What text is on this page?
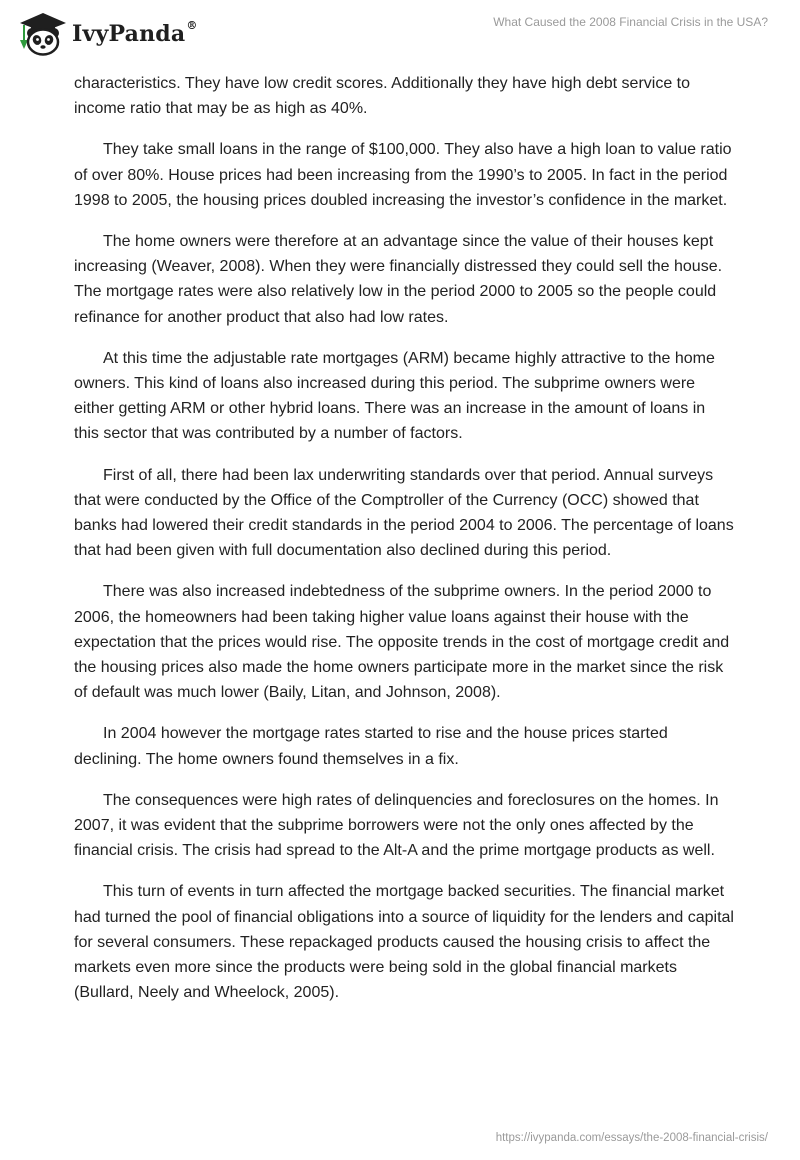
IvyPanda®	What Caused the 2008 Financial Crisis in the USA?

characteristics. They have low credit scores. Additionally they have high debt service to income ratio that may be as high as 40%.

They take small loans in the range of $100,000. They also have a high loan to value ratio of over 80%. House prices had been increasing from the 1990’s to 2005. In fact in the period 1998 to 2005, the housing prices doubled increasing the investor’s confidence in the market.

The home owners were therefore at an advantage since the value of their houses kept increasing (Weaver, 2008). When they were financially distressed they could sell the house. The mortgage rates were also relatively low in the period 2000 to 2005 so the people could refinance for another product that also had low rates.

At this time the adjustable rate mortgages (ARM) became highly attractive to the home owners. This kind of loans also increased during this period. The subprime owners were either getting ARM or other hybrid loans. There was an increase in the amount of loans in this sector that was contributed by a number of factors.

First of all, there had been lax underwriting standards over that period. Annual surveys that were conducted by the Office of the Comptroller of the Currency (OCC) showed that banks had lowered their credit standards in the period 2004 to 2006. The percentage of loans that had been given with full documentation also declined during this period.

There was also increased indebtedness of the subprime owners. In the period 2000 to 2006, the homeowners had been taking higher value loans against their house with the expectation that the prices would rise. The opposite trends in the cost of mortgage credit and the housing prices also made the home owners participate more in the market since the risk of default was much lower (Baily, Litan, and Johnson, 2008).

In 2004 however the mortgage rates started to rise and the house prices started declining. The home owners found themselves in a fix.

The consequences were high rates of delinquencies and foreclosures on the homes. In 2007, it was evident that the subprime borrowers were not the only ones affected by the financial crisis. The crisis had spread to the Alt-A and the prime mortgage products as well.

This turn of events in turn affected the mortgage backed securities. The financial market had turned the pool of financial obligations into a source of liquidity for the lenders and capital for several consumers. These repackaged products caused the housing crisis to affect the markets even more since the products were being sold in the global financial markets (Bullard, Neely and Wheelock, 2005).

https://ivypanda.com/essays/the-2008-financial-crisis/
